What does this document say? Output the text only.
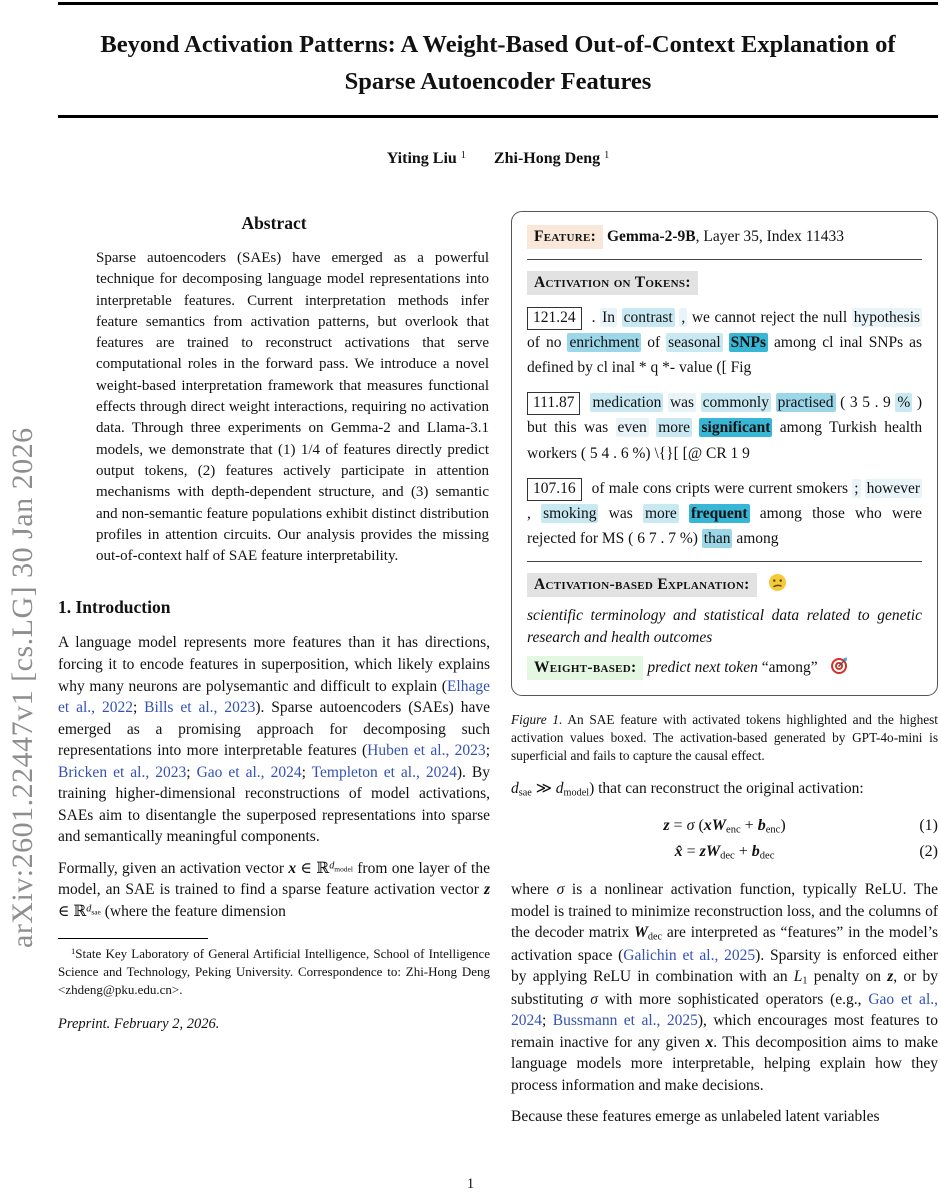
Beyond Activation Patterns: A Weight-Based Out-of-Context Explanation of
Sparse Autoencoder Features
Yiting Liu $^1$ Zhi-Hong Deng $^1$
arXiv:2601.22447v1 [cs.LG] 30 Jan 2026
Abstract
Sparse autoencoders (SAEs) have emerged as a powerful technique for decomposing language model representations into interpretable features. Current interpretation methods infer feature semantics from activation patterns, but overlook that features are trained to reconstruct activations that serve computational roles in the forward pass. We introduce a novel weight-based interpretation framework that measures functional effects through direct weight interactions, requiring no activation data. Through three experiments on Gemma-2 and Llama-3.1 models, we demonstrate that (1) 1/4 of features directly predict output tokens, (2) features actively participate in attention mechanisms with depth-dependent structure, and (3) semantic and non-semantic feature populations exhibit distinct distribution profiles in attention circuits. Our analysis provides the missing out-of-context half of SAE feature interpretability.
1. Introduction
A language model represents more features than it has directions, forcing it to encode features in superposition, which likely explains why many neurons are polysemantic and difficult to explain (Elhage et al., 2022; Bills et al., 2023). Sparse autoencoders (SAEs) have emerged as a promising approach for decomposing such representations into more interpretable features (Huben et al., 2023; Bricken et al., 2023; Gao et al., 2024; Templeton et al., 2024). By training higher-dimensional reconstructions of model activations, SAEs aim to disentangle the superposed representations into sparse and semantically meaningful components.
Formally, given an activation vector x ∈ ℝ$^d$model from one layer of the model, an SAE is trained to find a sparse feature activation vector z ∈ ℝ$^d$sae (where the feature dimension
$^1$State Key Laboratory of General Artificial Intelligence, School of Intelligence Science and Technology, Peking University. Correspondence to: Zhi-Hong Deng <zhdeng@pku.edu.cn>.
Preprint. February 2, 2026.
Feature: Gemma-2-9B, Layer 35, Index 11433
Activation on Tokens:
121.24 . In contrast , we cannot reject the null hypothesis of no enrichment of seasonal SNPs among cl inal SNPs as defined by cl inal * q *- value ([ Fig
111.87 medication was commonly practised ( 3 5 . 9 % ) but this was even more significant among Turkish health workers ( 5 4 . 6 %) \{}[ [@ CR 1 9
107.16 of male cons cripts were current smokers ; however , smoking was more frequent among those who were rejected for MS ( 6 7 . 7 %) than among
Activation-based Explanation:
scientific terminology and statistical data related to genetic research and health outcomes
Weight-based: predict next token “among”
Figure 1. An SAE feature with activated tokens highlighted and the highest activation values boxed. The activation-based generated by GPT-4o-mini is superficial and fails to capture the causal effect.
dsae ≫ dmodel) that can reconstruct the original activation:
z = σ (xWenc + benc)	(1)
x̂ = zWdec + bdec	(2)
where σ is a nonlinear activation function, typically ReLU. The model is trained to minimize reconstruction loss, and the columns of the decoder matrix Wdec are interpreted as “features” in the model’s activation space (Galichin et al., 2025). Sparsity is enforced either by applying ReLU in combination with an L1 penalty on z, or by substituting σ with more sophisticated operators (e.g., Gao et al., 2024; Bussmann et al., 2025), which encourages most features to remain inactive for any given x. This decomposition aims to make language models more interpretable, helping explain how they process information and make decisions.
Because these features emerge as unlabeled latent variables
1
